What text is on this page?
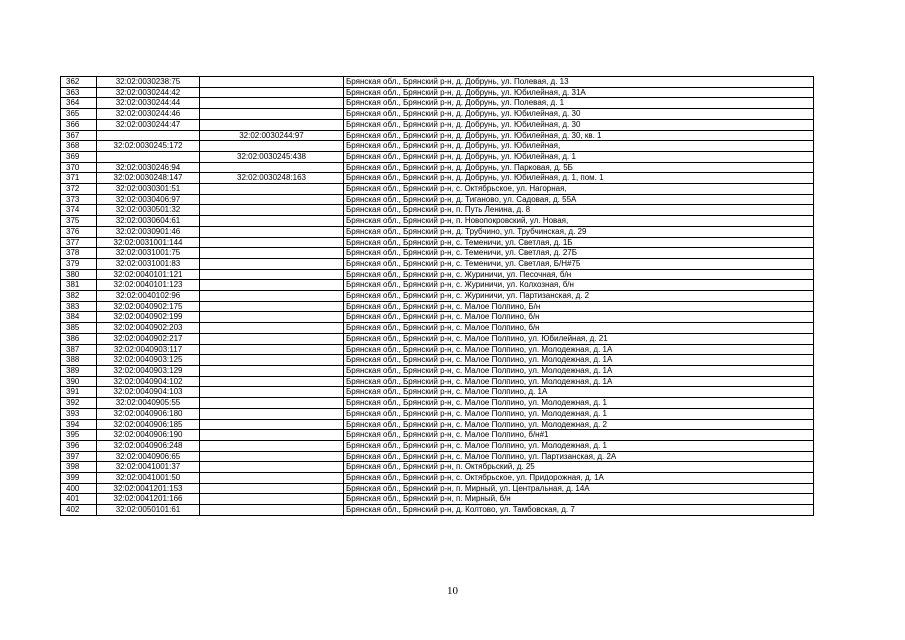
362	32:02:0030238:75		Брянская обл., Брянский р-н, д. Добрунь, ул. Полевая, д. 13
363	32:02:0030244:42		Брянская обл., Брянский р-н, д. Добрунь, ул. Юбилейная, д. 31А
364	32:02:0030244:44		Брянская обл., Брянский р-н, д. Добрунь, ул. Полевая, д. 1
365	32:02:0030244:46		Брянская обл., Брянский р-н, д. Добрунь, ул. Юбилейная, д. 30
366	32:02:0030244:47		Брянская обл., Брянский р-н, д. Добрунь, ул. Юбилейная, д. 30
367		32:02:0030244:97	Брянская обл., Брянский р-н, д. Добрунь, ул. Юбилейная, д. 30, кв. 1
368	32:02:0030245:172		Брянская обл., Брянский р-н, д. Добрунь, ул. Юбилейная,
369		32:02:0030245:438	Брянская обл., Брянский р-н, д. Добрунь, ул. Юбилейная, д. 1
370	32:02:0030246:94		Брянская обл., Брянский р-н, д. Добрунь, ул. Парковая, д. 5Б
371	32:02:0030248:147	32:02:0030248:163	Брянская обл., Брянский р-н, д. Добрунь, ул. Юбилейная, д. 1, пом. 1
372	32:02:0030301:51		Брянская обл., Брянский р-н, с. Октябрьское, ул. Нагорная,
373	32:02:0030406:97		Брянская обл., Брянский р-н, д. Тиганово, ул. Садовая, д. 55А
374	32:02:0030501:32		Брянская обл., Брянский р-н, п. Путь Ленина, д. 8
375	32:02:0030604:61		Брянская обл., Брянский р-н, п. Новопокровский, ул. Новая,
376	32:02:0030901:46		Брянская обл., Брянский р-н, д. Трубчино, ул. Трубчинская, д. 29
377	32:02:0031001:144		Брянская обл., Брянский р-н, с. Теменичи, ул. Светлая, д. 1Б
378	32:02:0031001:75		Брянская обл., Брянский р-н, с. Теменичи, ул. Светлая, д. 27Б
379	32:02:0031001:83		Брянская обл., Брянский р-н, с. Теменичи, ул. Светлая, Б/Н#75
380	32:02:0040101:121		Брянская обл., Брянский р-н, с. Журиничи, ул. Песочная, б/н
381	32:02:0040101:123		Брянская обл., Брянский р-н, с. Журиничи, ул. Колхозная, б/н
382	32:02:0040102:96		Брянская обл., Брянский р-н, с. Журиничи, ул. Партизанская, д. 2
383	32:02:0040902:175		Брянская обл., Брянский р-н, с. Малое Полпино, Б/н
384	32:02:0040902:199		Брянская обл., Брянский р-н, с. Малое Полпино, б/н
385	32:02:0040902:203		Брянская обл., Брянский р-н, с. Малое Полпино, б/н
386	32:02:0040902:217		Брянская обл., Брянский р-н, с. Малое Полпино, ул. Юбилейная, д. 21
387	32:02:0040903:117		Брянская обл., Брянский р-н, с. Малое Полпино, ул. Молодежная, д. 1А
388	32:02:0040903:125		Брянская обл., Брянский р-н, с. Малое Полпино, ул. Молодежная, д. 1А
389	32:02:0040903:129		Брянская обл., Брянский р-н, с. Малое Полпино, ул. Молодежная, д. 1А
390	32:02:0040904:102		Брянская обл., Брянский р-н, с. Малое Полпино, ул. Молодежная, д. 1А
391	32:02:0040904:103		Брянская обл., Брянский р-н, с. Малое Полпино, д. 1А
392	32:02:0040905:55		Брянская обл., Брянский р-н, с. Малое Полпино, ул. Молодежная, д. 1
393	32:02:0040906:180		Брянская обл., Брянский р-н, с. Малое Полпино, ул. Молодежная, д. 1
394	32:02:0040906:185		Брянская обл., Брянский р-н, с. Малое Полпино, ул. Молодежная, д. 2
395	32:02:0040906:190		Брянская обл., Брянский р-н, с. Малое Полпино, б/н#1
396	32:02:0040906:248		Брянская обл., Брянский р-н, с. Малое Полпино, ул. Молодежная, д. 1
397	32:02:0040906:65		Брянская обл., Брянский р-н, с. Малое Полпино, ул. Партизанская, д. 2А
398	32:02:0041001:37		Брянская обл., Брянский р-н, п. Октябрьский, д. 25
399	32:02:0041001:50		Брянская обл., Брянский р-н, с. Октябрьское, ул. Придорожная, д. 1А
400	32:02:0041201:153		Брянская обл., Брянский р-н, п. Мирный, ул. Центральная, д. 14А
401	32:02:0041201:166		Брянская обл., Брянский р-н, п. Мирный, б/н
402	32:02:0050101:61		Брянская обл., Брянский р-н, д. Колтово, ул. Тамбовская, д. 7
10
